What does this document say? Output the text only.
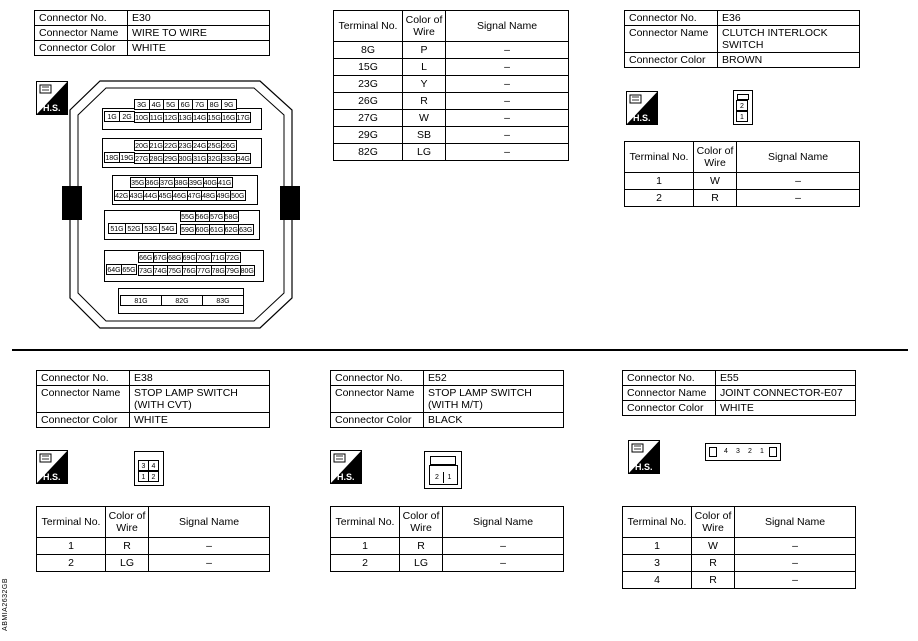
Connector No.	E30
Connector Name	WIRE TO WIRE
Connector Color	WHITE
H.S.
1G 2G
3G 4G 5G 6G 7G 8G 9G
10G 11G 12G 13G 14G 15G 16G 17G
18G 19G
20G 21G 22G 23G 24G 25G 26G
27G 28G 29G 30G 31G 32G 33G 34G
35G 36G 37G 38G 39G 40G 41G
42G 43G 44G 45G 46G 47G 48G 49G 50G
51G 52G 53G 54G
55G 56G 57G 58G
59G 60G 61G 62G 63G
64G 65G
66G 67G 68G 69G 70G 71G 72G
73G 74G 75G 76G 77G 78G 79G 80G
81G	82G	83G
Terminal No.	Color of Wire	Signal Name
8G	P	–
15G	L	–
23G	Y	–
26G	R	–
27G	W	–
29G	SB	–
82G	LG	–
Connector No.	E36
Connector Name	CLUTCH INTERLOCK SWITCH
Connector Color	BROWN
H.S.
2
1
Terminal No.	Color of Wire	Signal Name
1	W	–
2	R	–
Connector No.	E38
Connector Name	STOP LAMP SWITCH (WITH CVT)
Connector Color	WHITE
H.S.
3 4
1 2
Terminal No.	Color of Wire	Signal Name
1	R	–
2	LG	–
Connector No.	E52
Connector Name	STOP LAMP SWITCH (WITH M/T)
Connector Color	BLACK
H.S.	2	1
Terminal No.	Color of Wire	Signal Name
1	R	–
2	LG	–
Connector No.	E55
Connector Name	JOINT CONNECTOR-E07
Connector Color	WHITE
H.S.
4	3	2	1
Terminal No.	Color of Wire	Signal Name
1	W	–
3	R	–
4	R	–
ABMIA2632GB
